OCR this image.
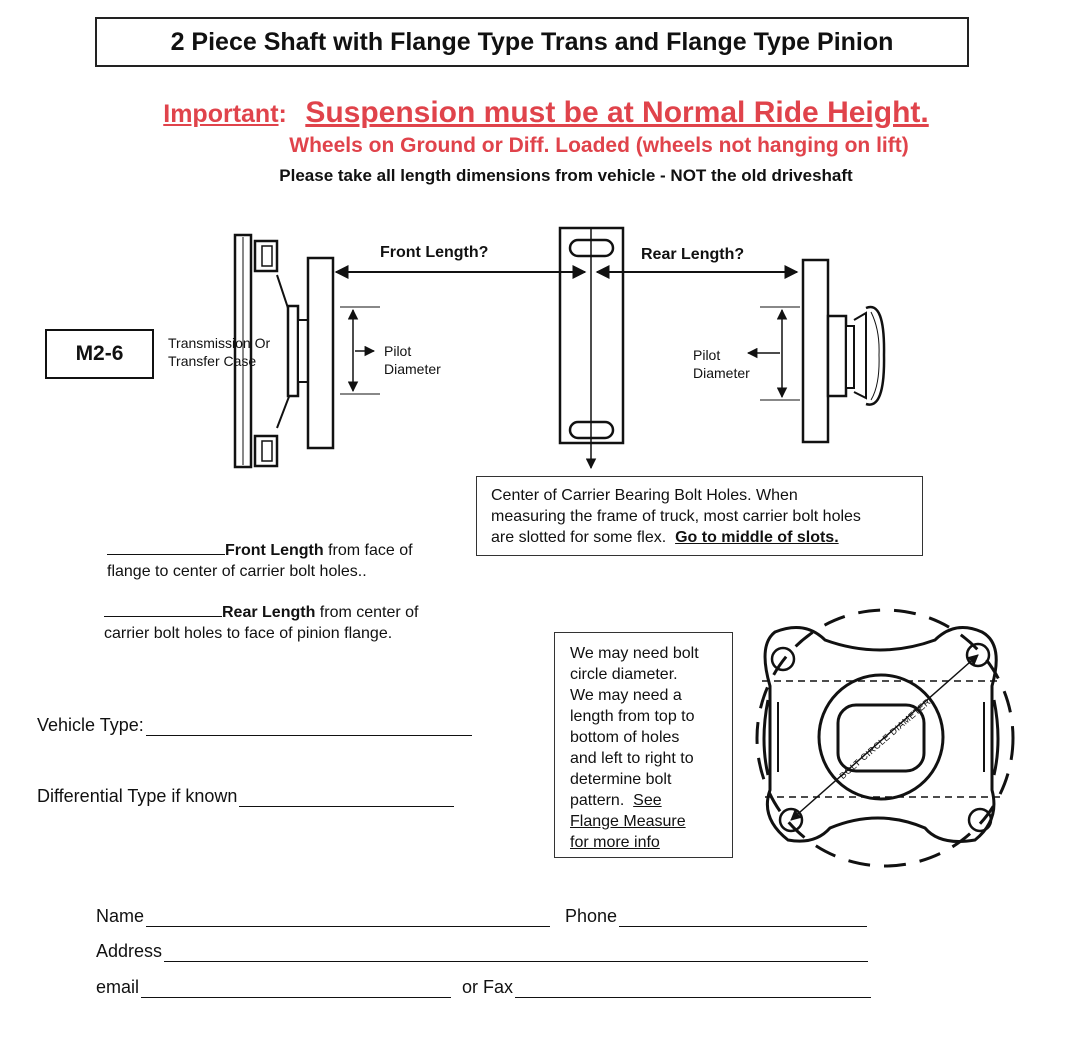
2 Piece Shaft with Flange Type Trans and Flange Type Pinion
Important: Suspension must be at Normal Ride Height.
Wheels on Ground or Diff. Loaded (wheels not hanging on lift)
Please take all length dimensions from vehicle - NOT the old driveshaft
BOLT CIRCLE DIAMETER
M2-6	Transmission Or
Transfer Case
Front Length?	Rear Length?
Pilot
Diameter
Pilot
Diameter
Center of Carrier Bearing Bolt Holes. When
measuring the frame of truck, most carrier bolt holes
are slotted for some flex. Go to middle of slots.
Front Length from face of
flange to center of carrier bolt holes..
Rear Length from center of
carrier bolt holes to face of pinion flange.
Vehicle Type:
Differential Type if known
We may need bolt
circle diameter.
We may need a
length from top to
bottom of holes
and left to right to
determine bolt
pattern. See
Flange Measure
for more info
Name	Phone
Address
email	or Fax
